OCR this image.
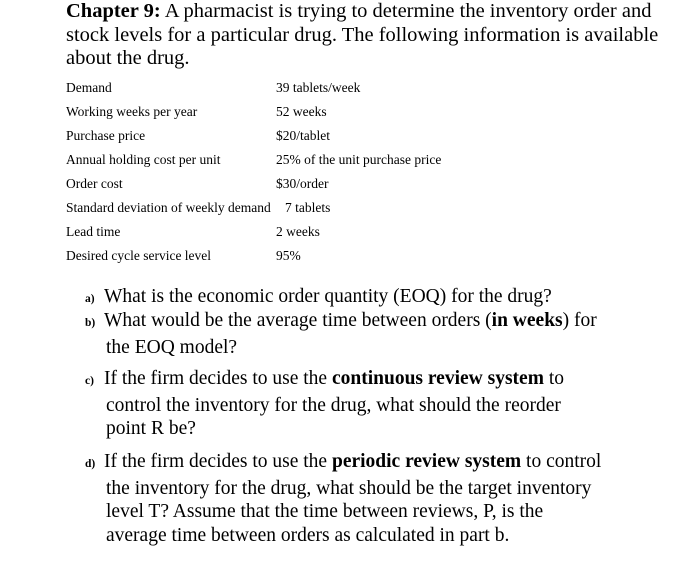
Chapter 9: A pharmacist is trying to determine the inventory order and stock levels for a particular drug. The following information is available about the drug.
Demand	39 tablets/week
Working weeks per year	52 weeks
Purchase price	$20/tablet
Annual holding cost per unit	25% of the unit purchase price
Order cost	$30/order
Standard deviation of weekly demand 7 tablets
Lead time	2 weeks
Desired cycle service level	95%
a) What is the economic order quantity (EOQ) for the drug?
b) What would be the average time between orders (in weeks) for
the EOQ model?
c) If the firm decides to use the continuous review system to
control the inventory for the drug, what should the reorder
point R be?
d) If the firm decides to use the periodic review system to control
the inventory for the drug, what should be the target inventory
level T? Assume that the time between reviews, P, is the
average time between orders as calculated in part b.
